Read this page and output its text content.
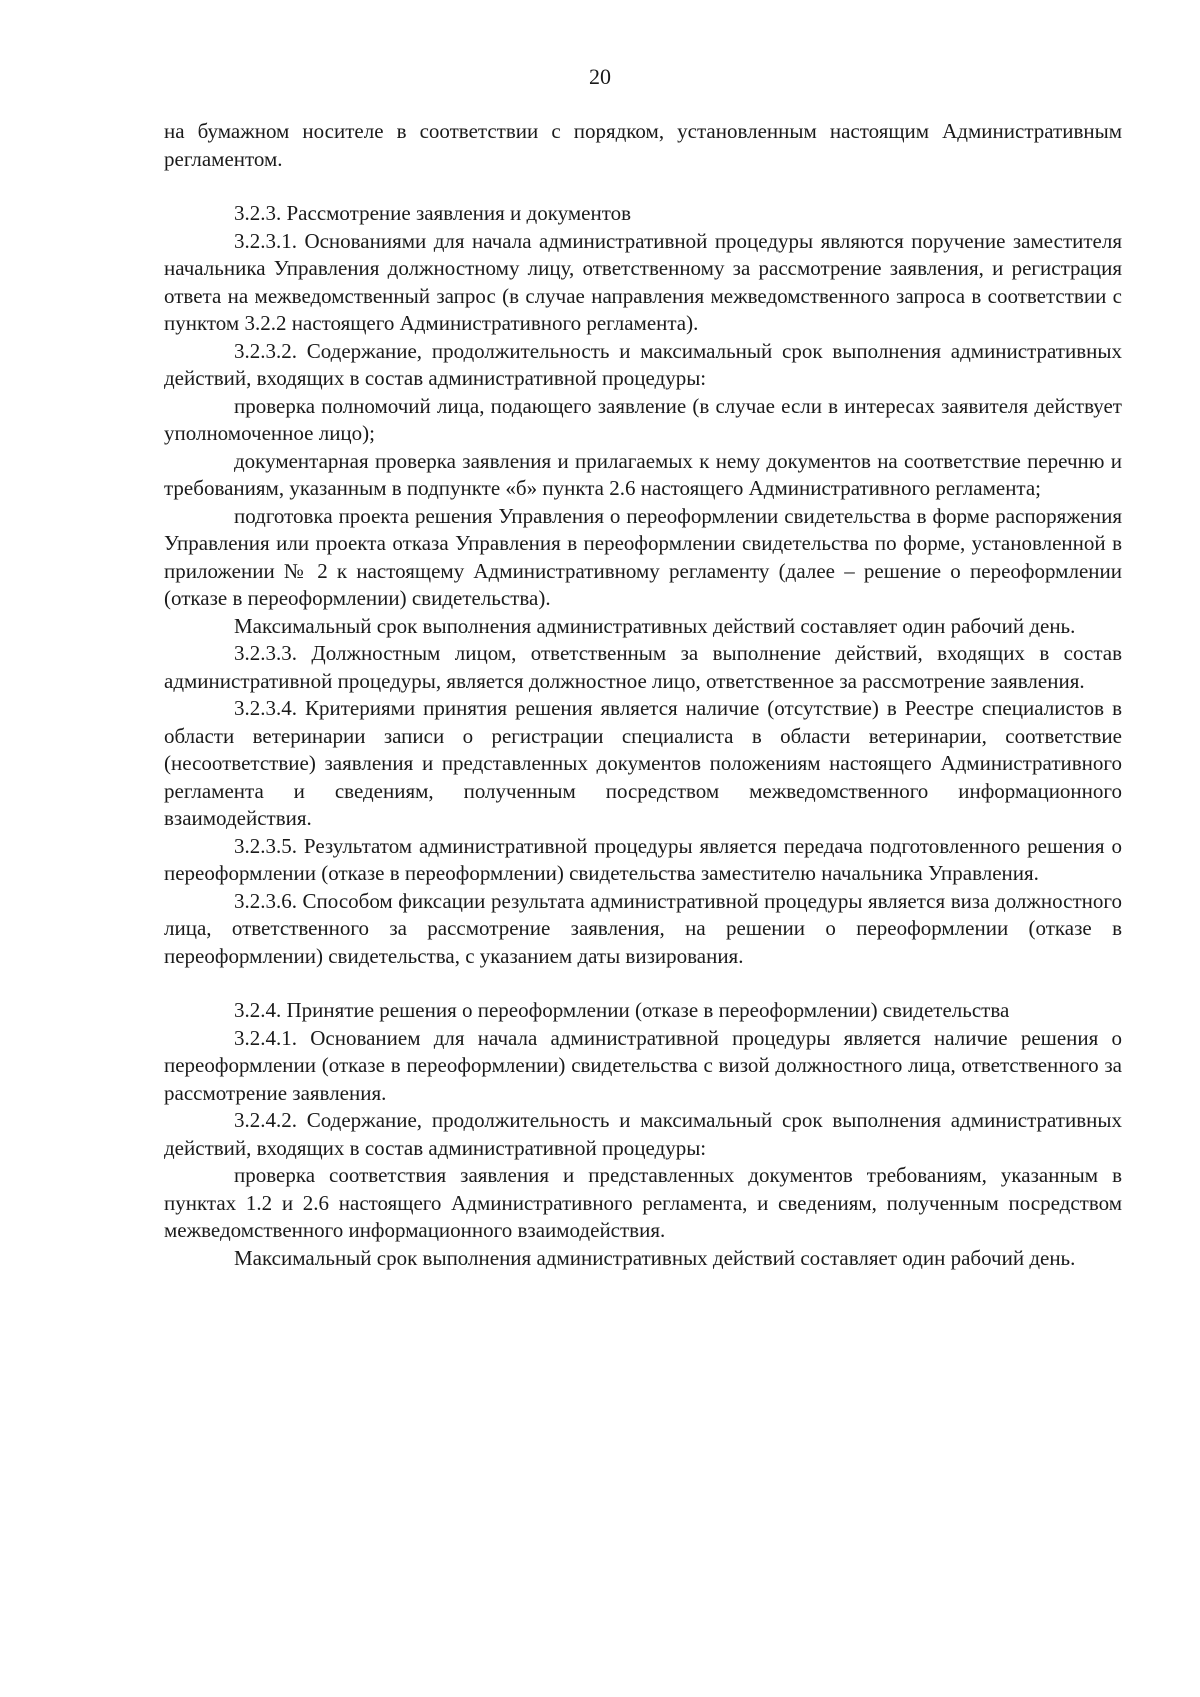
20

на бумажном носителе в соответствии с порядком, установленным настоящим Административным регламентом.

3.2.3. Рассмотрение заявления и документов

3.2.3.1. Основаниями для начала административной процедуры являются поручение заместителя начальника Управления должностному лицу, ответственному за рассмотрение заявления, и регистрация ответа на межведомственный запрос (в случае направления межведомственного запроса в соответствии с пунктом 3.2.2 настоящего Административного регламента).

3.2.3.2. Содержание, продолжительность и максимальный срок выполнения административных действий, входящих в состав административной процедуры:

проверка полномочий лица, подающего заявление (в случае если в интересах заявителя действует уполномоченное лицо);

документарная проверка заявления и прилагаемых к нему документов на соответствие перечню и требованиям, указанным в подпункте «б» пункта 2.6 настоящего Административного регламента;

подготовка проекта решения Управления о переоформлении свидетельства в форме распоряжения Управления или проекта отказа Управления в переоформлении свидетельства по форме, установленной в приложении № 2 к настоящему Административному регламенту (далее – решение о переоформлении (отказе в переоформлении) свидетельства).

Максимальный срок выполнения административных действий составляет один рабочий день.

3.2.3.3. Должностным лицом, ответственным за выполнение действий, входящих в состав административной процедуры, является должностное лицо, ответственное за рассмотрение заявления.

3.2.3.4. Критериями принятия решения является наличие (отсутствие) в Реестре специалистов в области ветеринарии записи о регистрации специалиста в области ветеринарии, соответствие (несоответствие) заявления и представленных документов положениям настоящего Административного регламента и сведениям, полученным посредством межведомственного информационного взаимодействия.

3.2.3.5. Результатом административной процедуры является передача подготовленного решения о переоформлении (отказе в переоформлении) свидетельства заместителю начальника Управления.

3.2.3.6. Способом фиксации результата административной процедуры является виза должностного лица, ответственного за рассмотрение заявления, на решении о переоформлении (отказе в переоформлении) свидетельства, с указанием даты визирования.

3.2.4. Принятие решения о переоформлении (отказе в переоформлении) свидетельства

3.2.4.1. Основанием для начала административной процедуры является наличие решения о переоформлении (отказе в переоформлении) свидетельства с визой должностного лица, ответственного за рассмотрение заявления.

3.2.4.2. Содержание, продолжительность и максимальный срок выполнения административных действий, входящих в состав административной процедуры:

проверка соответствия заявления и представленных документов требованиям, указанным в пунктах 1.2 и 2.6 настоящего Административного регламента, и сведениям, полученным посредством межведомственного информационного взаимодействия.

Максимальный срок выполнения административных действий составляет один рабочий день.
